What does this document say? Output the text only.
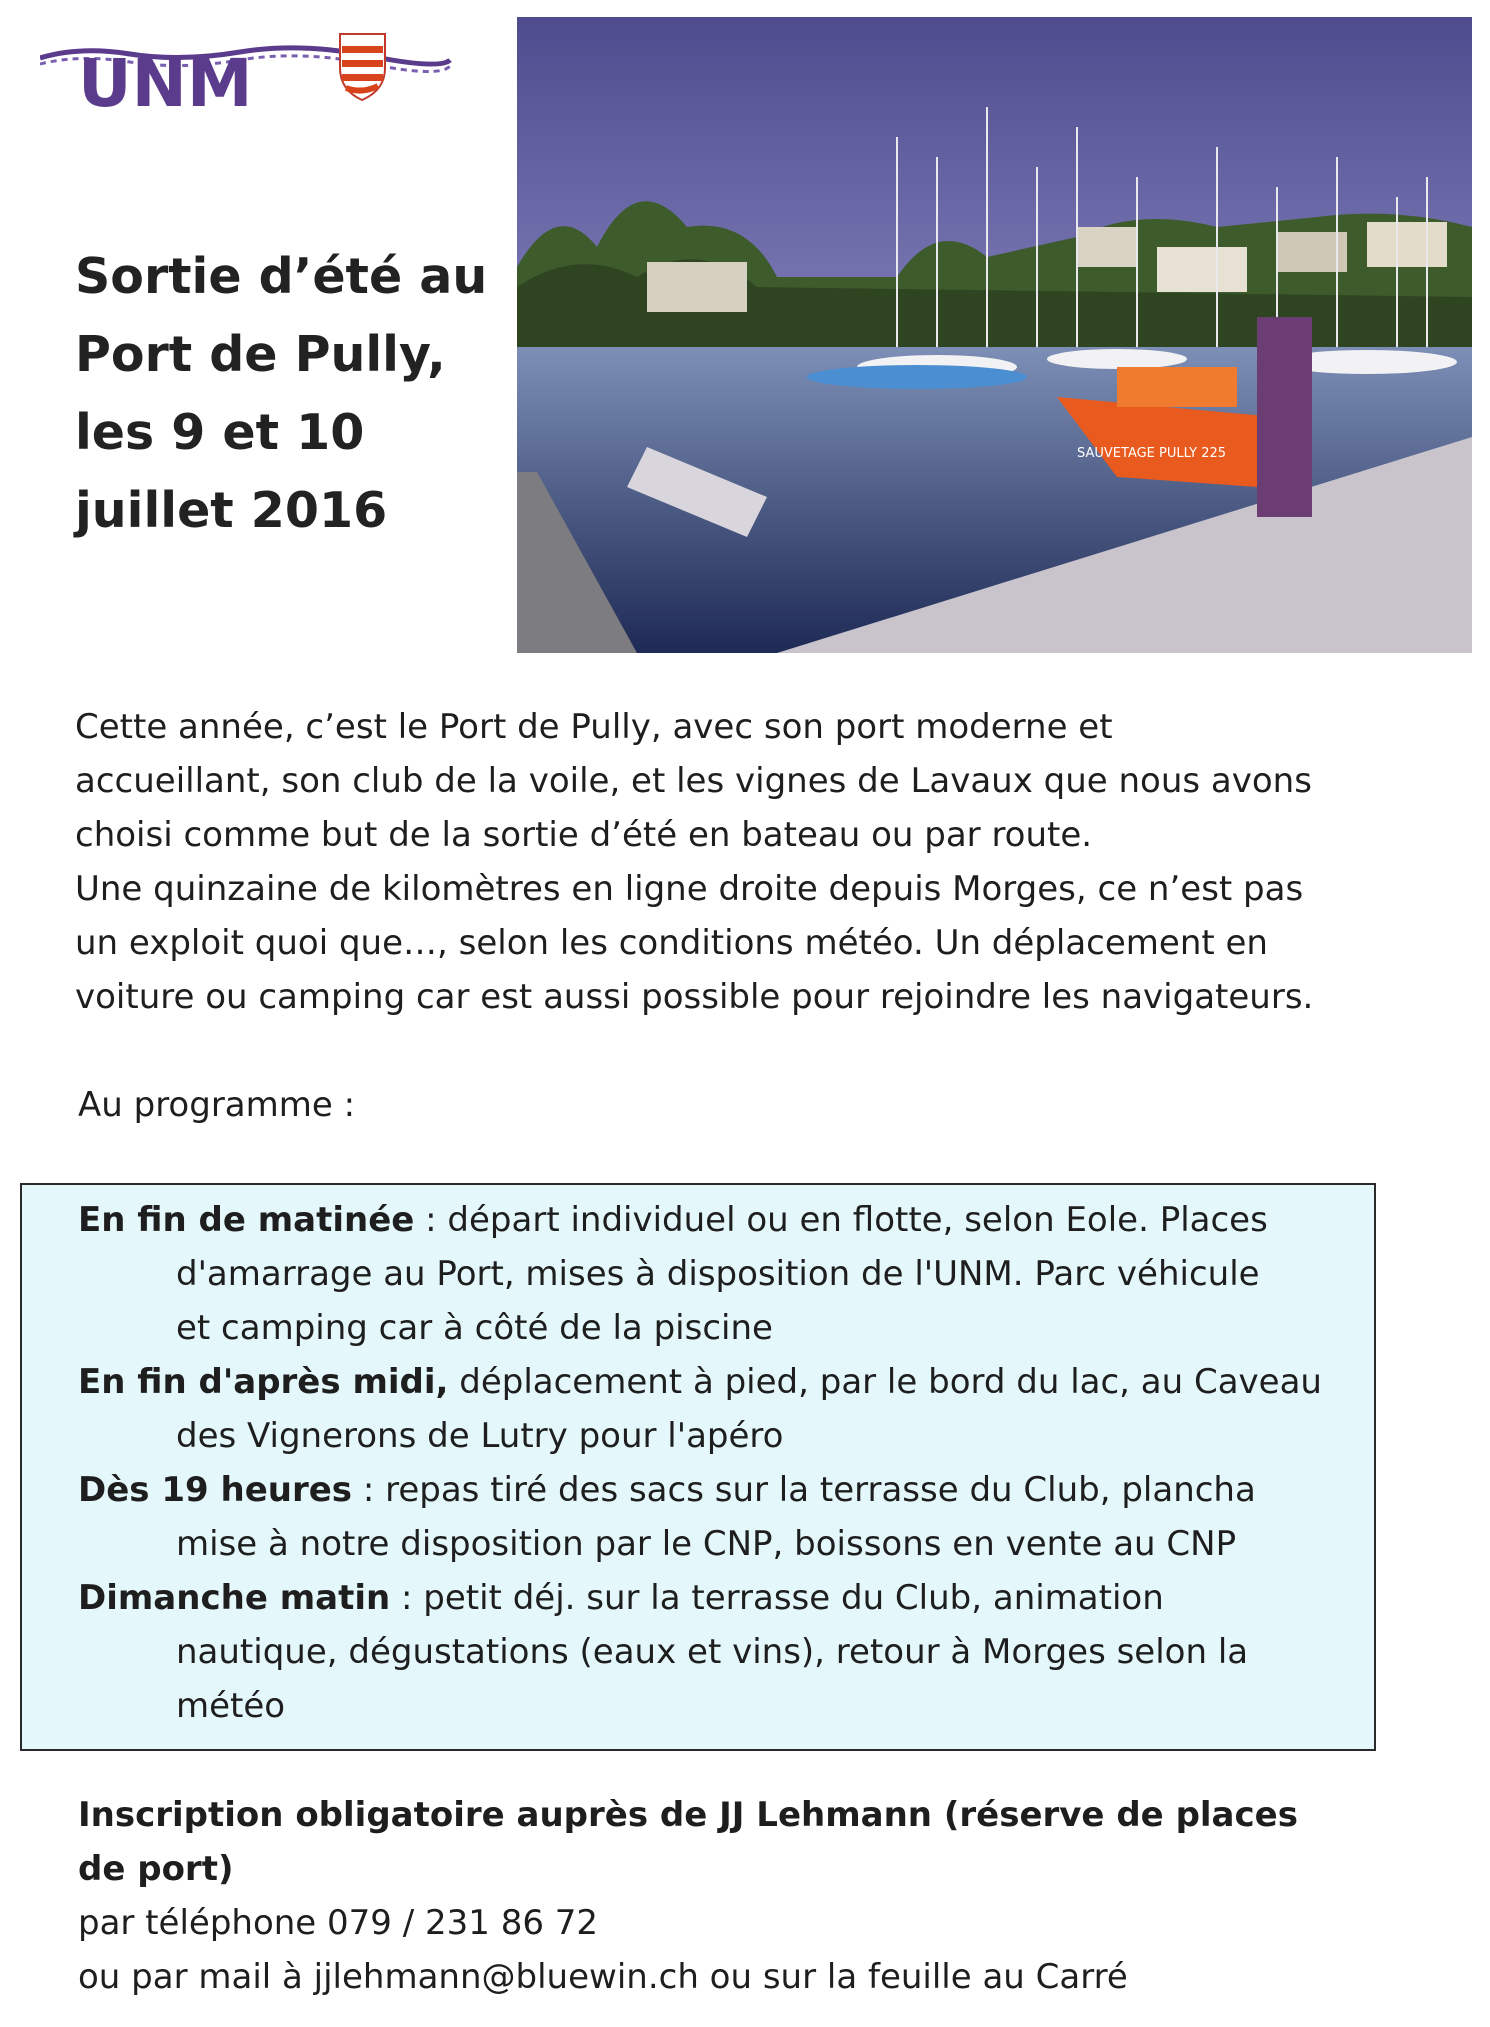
UNM
Sortie d’été au
Port de Pully,
les 9 et 10
juillet 2016
SAUVETAGE PULLY 225

Cette année, c’est le Port de Pully, avec son port moderne et

accueillant, son club de la voile, et les vignes de Lavaux que nous avons

choisi comme but de la sortie d’été en bateau ou par route.

Une quinzaine de kilomètres en ligne droite depuis Morges, ce n’est pas

un exploit quoi que…, selon les conditions météo. Un déplacement en

voiture ou camping car est aussi possible pour rejoindre les navigateurs.

Au programme :
En fin de matinée : départ individuel ou en flotte, selon Eole. Places
d'amarrage au Port, mises à disposition de l'UNM. Parc véhicule
et camping car à côté de la piscine
En fin d'après midi, déplacement à pied, par le bord du lac, au Caveau
des Vignerons de Lutry pour l'apéro
Dès 19 heures : repas tiré des sacs sur la terrasse du Club, plancha
mise à notre disposition par le CNP, boissons en vente au CNP
Dimanche matin : petit déj. sur la terrasse du Club, animation
nautique, dégustations (eaux et vins), retour à Morges selon la
météo
Inscription obligatoire auprès de JJ Lehmann (réserve de places
de port)
par téléphone 079 / 231 86 72
ou par mail à jjlehmann@bluewin.ch ou sur la feuille au Carré
